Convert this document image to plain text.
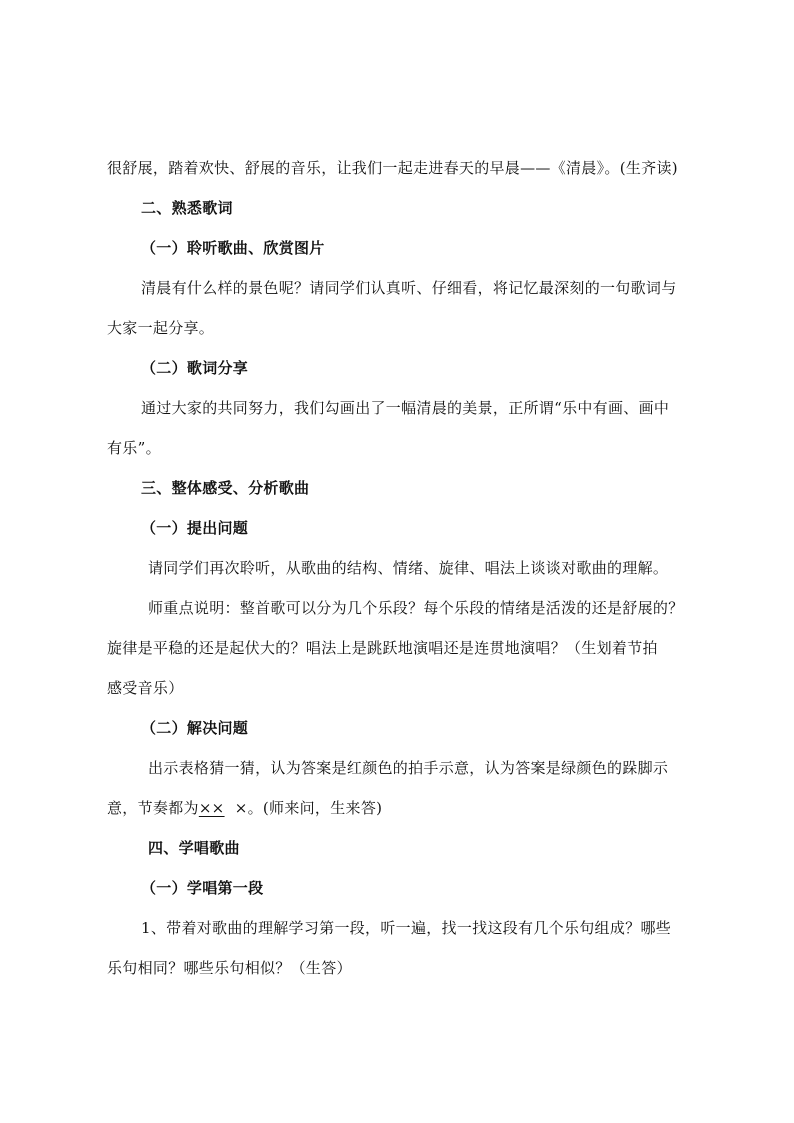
很舒展，踏着欢快、舒展的音乐，让我们一起走进春天的早晨——《清晨》。(生齐读)
二、熟悉歌词
（一）聆听歌曲、欣赏图片
清晨有什么样的景色呢？请同学们认真听、仔细看，将记忆最深刻的一句歌词与
大家一起分享。
（二）歌词分享
通过大家的共同努力，我们勾画出了一幅清晨的美景，正所谓“乐中有画、画中
有乐”。
三、整体感受、分析歌曲
（一）提出问题
请同学们再次聆听，从歌曲的结构、情绪、旋律、唱法上谈谈对歌曲的理解。
师重点说明：整首歌可以分为几个乐段？每个乐段的情绪是活泼的还是舒展的？
旋律是平稳的还是起伏大的？唱法上是跳跃地演唱还是连贯地演唱？（生划着节拍
感受音乐）
（二）解决问题
出示表格猜一猜，认为答案是红颜色的拍手示意，认为答案是绿颜色的跺脚示
意，节奏都为××  ×。(师来问，生来答)
四、学唱歌曲
（一）学唱第一段
1、带着对歌曲的理解学习第一段，听一遍，找一找这段有几个乐句组成？哪些
乐句相同？哪些乐句相似？（生答）
